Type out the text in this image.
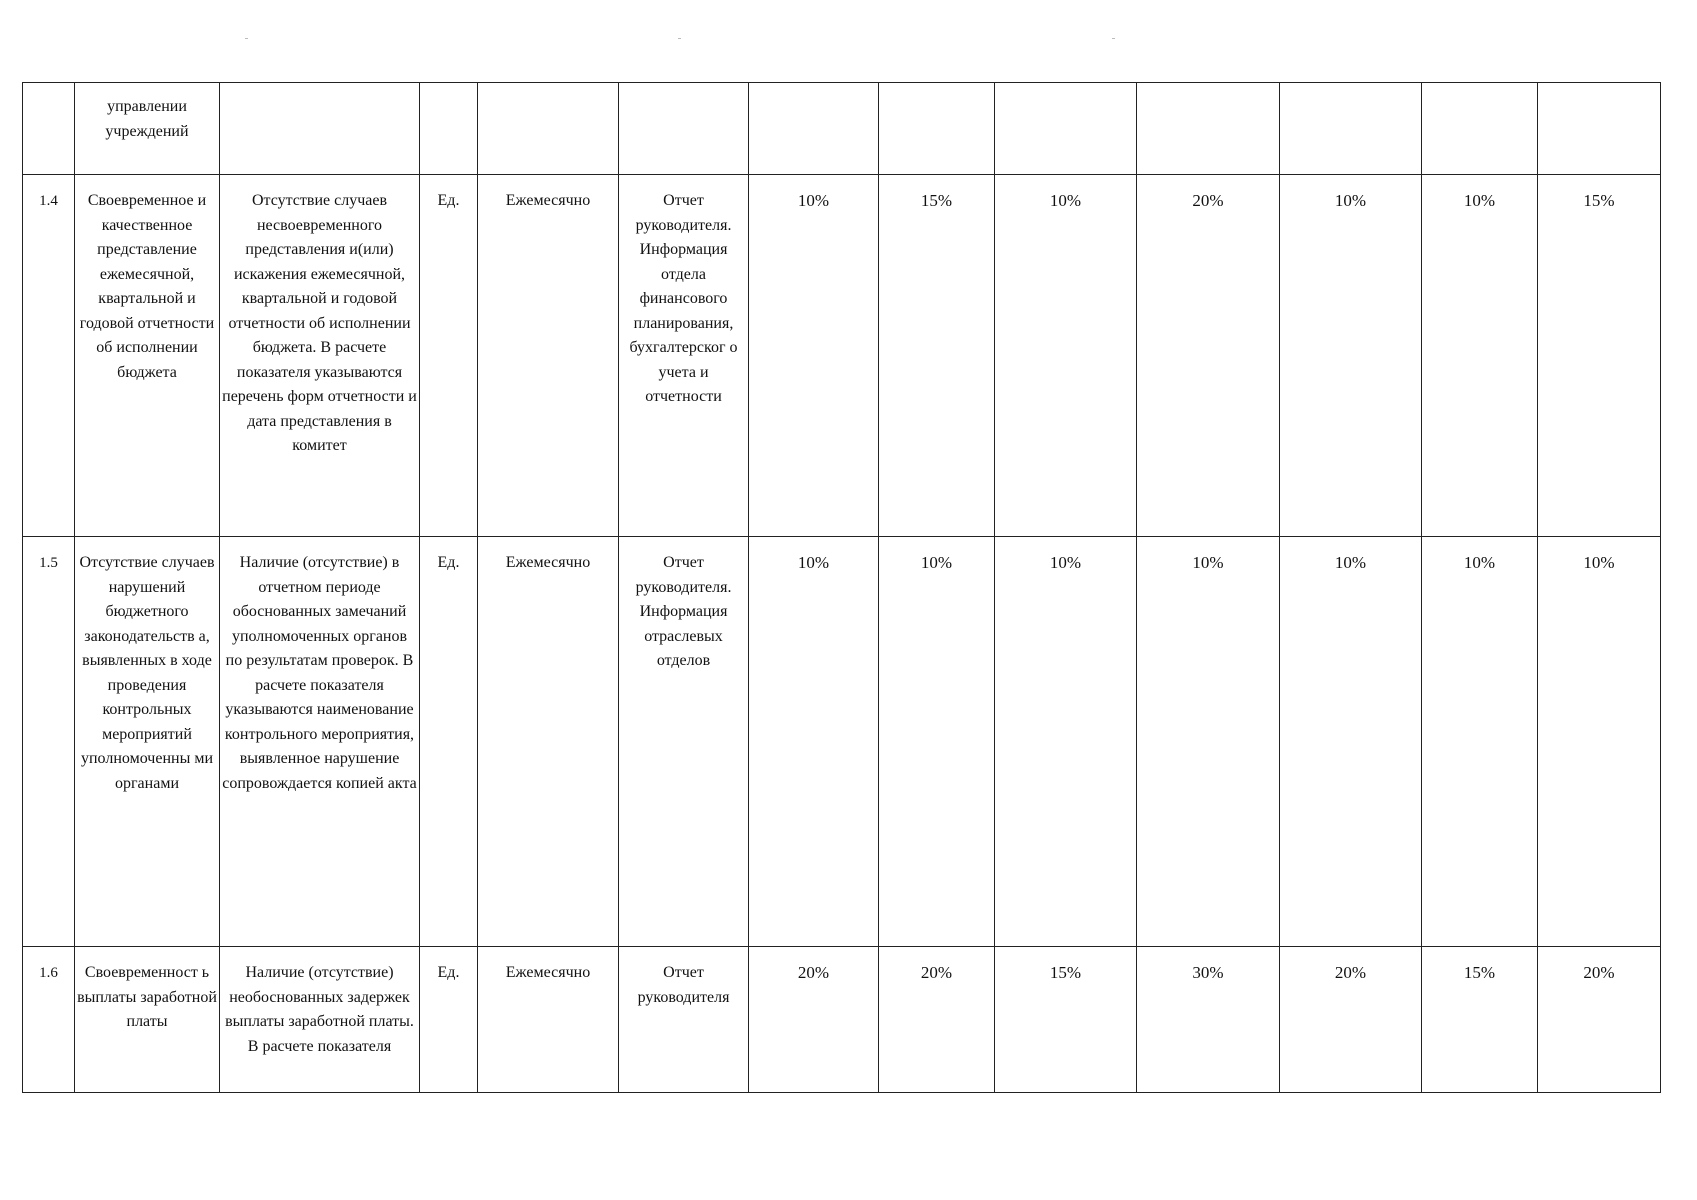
	управлении учреждений											
1.4	Своевременное и качественное представление ежемесячной, квартальной и годовой отчетности об исполнении бюджета	Отсутствие случаев несвоевременного представления и(или) искажения ежемесячной, квартальной и годовой отчетности об исполнении бюджета. В расчете показателя указываются перечень форм отчетности и дата представления в комитет	Ед.	Ежемесячно	Отчет руководителя. Информация отдела финансового планирования, бухгалтерског о учета и отчетности	10%	15%	10%	20%	10%	10%	15%
1.5	Отсутствие случаев нарушений бюджетного законодательств а, выявленных в ходе проведения контрольных мероприятий уполномоченны ми органами	Наличие (отсутствие) в отчетном периоде обоснованных замечаний уполномоченных органов по результатам проверок. В расчете показателя указываются наименование контрольного мероприятия, выявленное нарушение сопровождается копией акта	Ед.	Ежемесячно	Отчет руководителя. Информация отраслевых отделов	10%	10%	10%	10%	10%	10%	10%
1.6	Своевременност ь выплаты заработной платы	Наличие (отсутствие) необоснованных задержек выплаты заработной платы. В расчете показателя	Ед.	Ежемесячно	Отчет руководителя	20%	20%	15%	30%	20%	15%	20%
